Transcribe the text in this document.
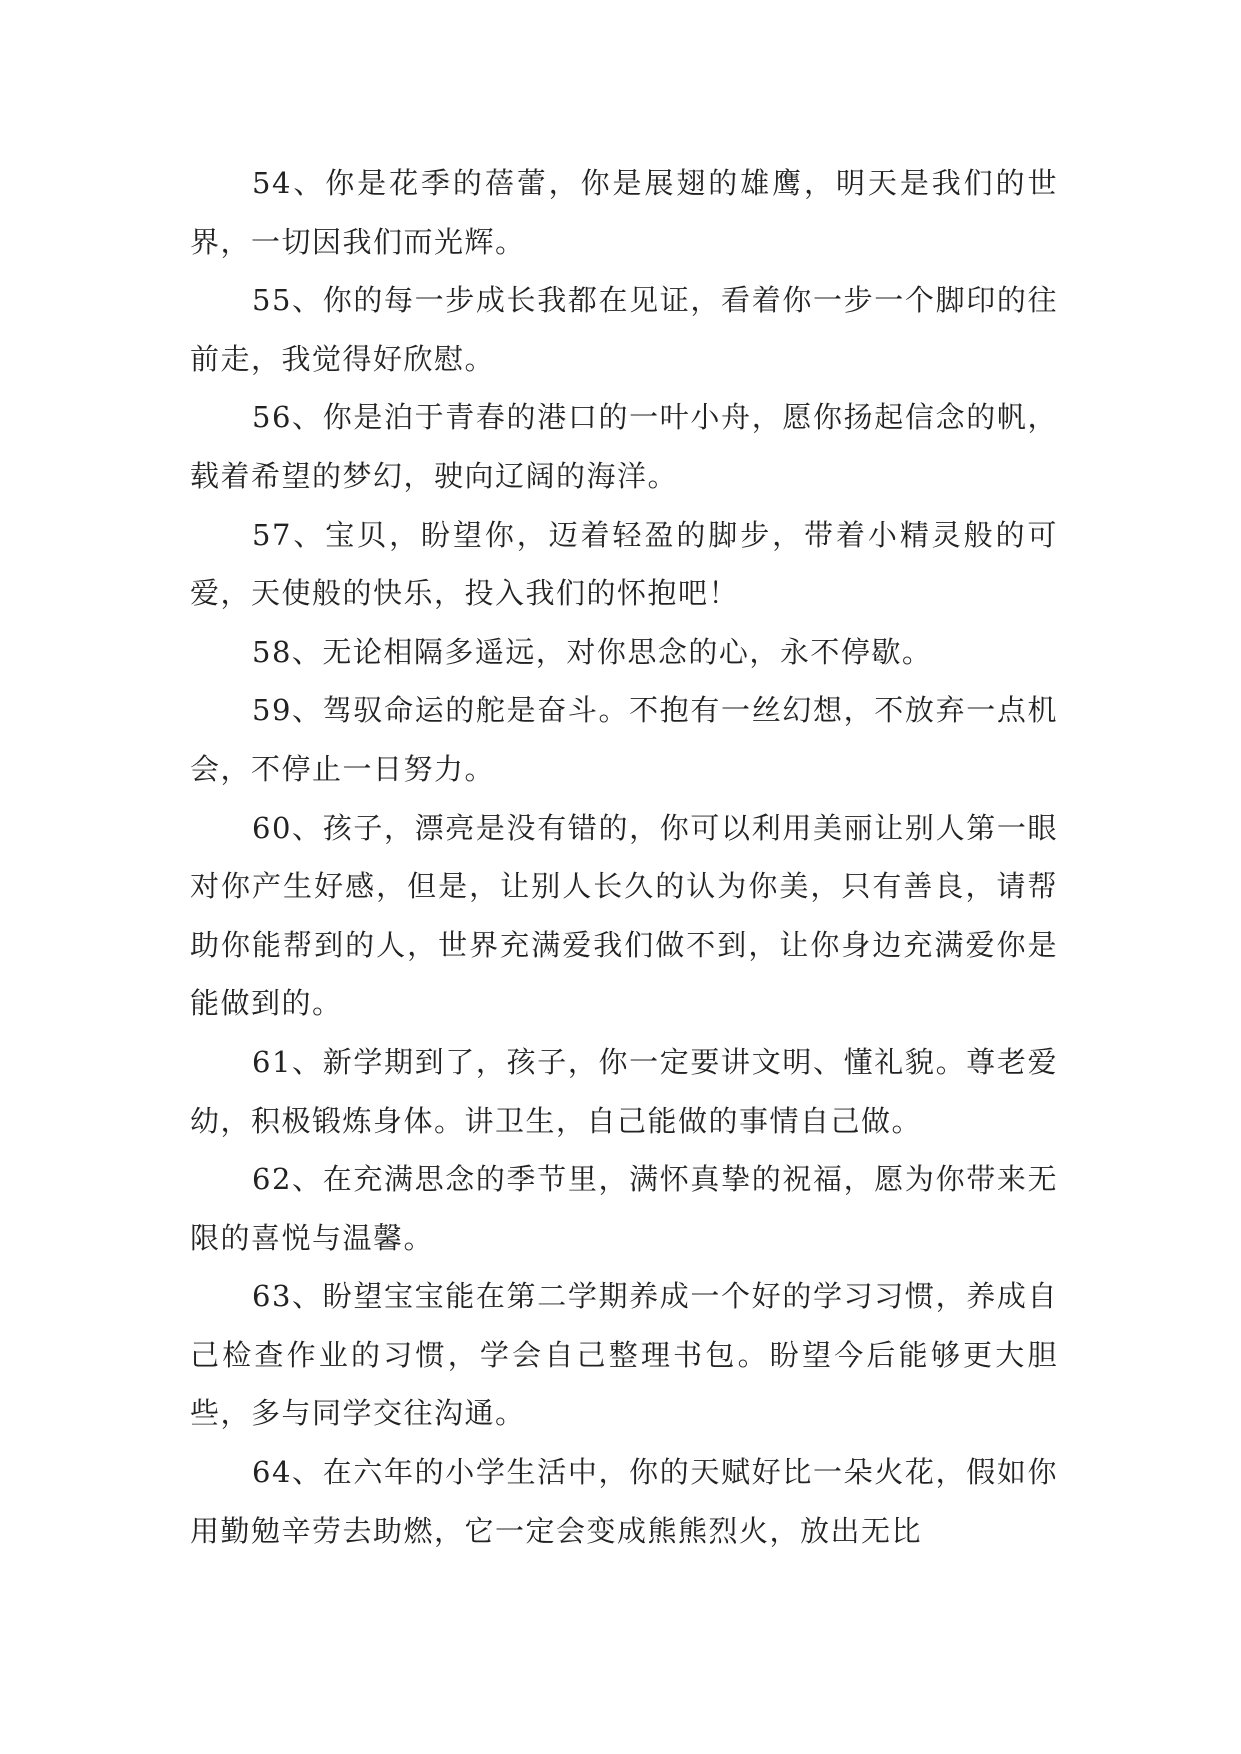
54、你是花季的蓓蕾，你是展翅的雄鹰，明天是我们的世界，一切因我们而光辉。

55、你的每一步成长我都在见证，看着你一步一个脚印的往前走，我觉得好欣慰。

56、你是泊于青春的港口的一叶小舟，愿你扬起信念的帆，载着希望的梦幻，驶向辽阔的海洋。

57、宝贝，盼望你，迈着轻盈的脚步，带着小精灵般的可爱，天使般的快乐，投入我们的怀抱吧！

58、无论相隔多遥远，对你思念的心，永不停歇。

59、驾驭命运的舵是奋斗。不抱有一丝幻想，不放弃一点机会，不停止一日努力。

60、孩子，漂亮是没有错的，你可以利用美丽让别人第一眼对你产生好感，但是，让别人长久的认为你美，只有善良，请帮助你能帮到的人，世界充满爱我们做不到，让你身边充满爱你是能做到的。

61、新学期到了，孩子，你一定要讲文明、懂礼貌。尊老爱幼，积极锻炼身体。讲卫生，自己能做的事情自己做。

62、在充满思念的季节里，满怀真挚的祝福，愿为你带来无限的喜悦与温馨。

63、盼望宝宝能在第二学期养成一个好的学习习惯，养成自己检查作业的习惯，学会自己整理书包。盼望今后能够更大胆些，多与同学交往沟通。

64、在六年的小学生活中，你的天赋好比一朵火花，假如你用勤勉辛劳去助燃，它一定会变成熊熊烈火，放出无比
